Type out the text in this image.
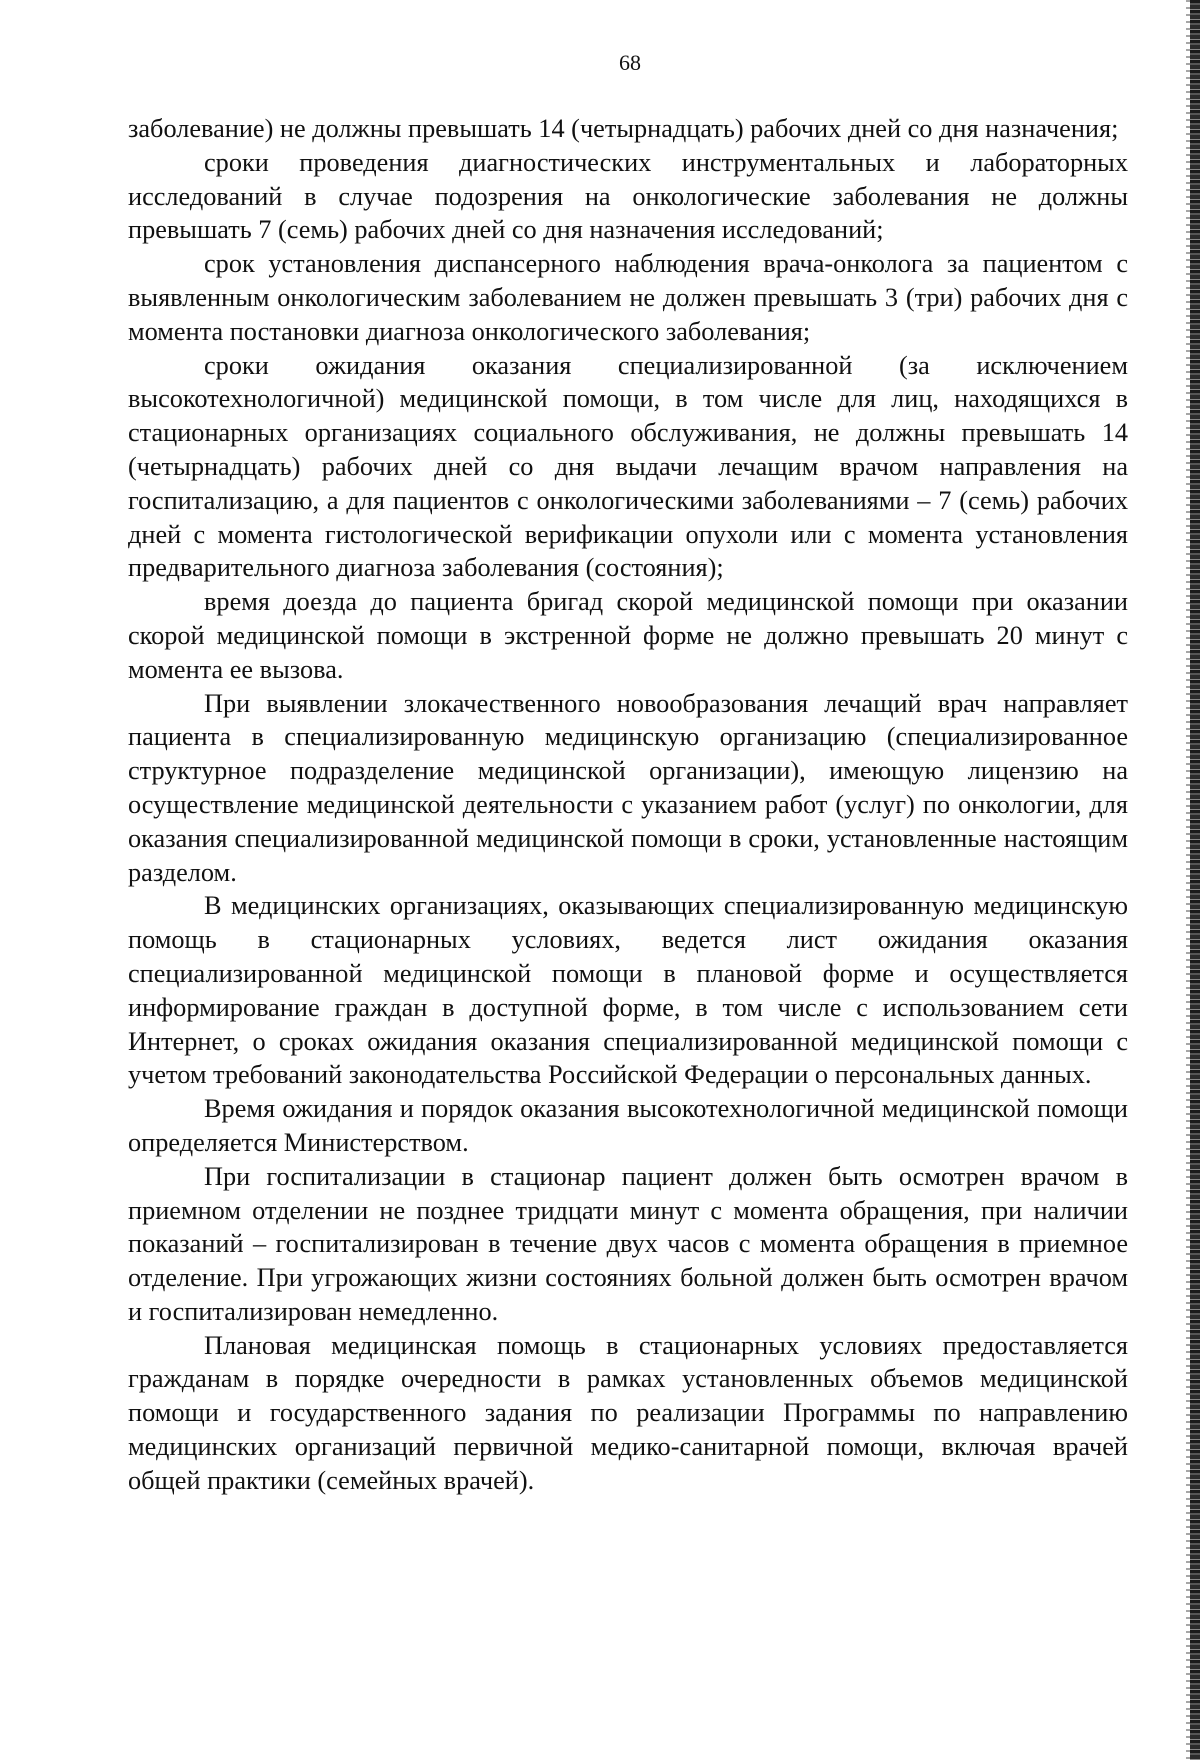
68

заболевание) не должны превышать 14 (четырнадцать) рабочих дней со дня назначения;

сроки проведения диагностических инструментальных и лабораторных исследований в случае подозрения на онкологические заболевания не должны превышать 7 (семь) рабочих дней со дня назначения исследований;

срок установления диспансерного наблюдения врача-онколога за пациентом с выявленным онкологическим заболеванием не должен превышать 3 (три) рабочих дня с момента постановки диагноза онкологического заболевания;

сроки ожидания оказания специализированной (за исключением высокотехнологичной) медицинской помощи, в том числе для лиц, находящихся в стационарных организациях социального обслуживания, не должны превышать 14 (четырнадцать) рабочих дней со дня выдачи лечащим врачом направления на госпитализацию, а для пациентов с онкологическими заболеваниями – 7 (семь) рабочих дней с момента гистологической верификации опухоли или с момента установления предварительного диагноза заболевания (состояния);

время доезда до пациента бригад скорой медицинской помощи при оказании скорой медицинской помощи в экстренной форме не должно превышать 20 минут с момента ее вызова.

При выявлении злокачественного новообразования лечащий врач направляет пациента в специализированную медицинскую организацию (специализированное структурное подразделение медицинской организации), имеющую лицензию на осуществление медицинской деятельности с указанием работ (услуг) по онкологии, для оказания специализированной медицинской помощи в сроки, установленные настоящим разделом.

В медицинских организациях, оказывающих специализированную медицинскую помощь в стационарных условиях, ведется лист ожидания оказания специализированной медицинской помощи в плановой форме и осуществляется информирование граждан в доступной форме, в том числе с использованием сети Интернет, о сроках ожидания оказания специализированной медицинской помощи с учетом требований законодательства Российской Федерации о персональных данных.

Время ожидания и порядок оказания высокотехнологичной медицинской помощи определяется Министерством.

При госпитализации в стационар пациент должен быть осмотрен врачом в приемном отделении не позднее тридцати минут с момента обращения, при наличии показаний – госпитализирован в течение двух часов с момента обращения в приемное отделение. При угрожающих жизни состояниях больной должен быть осмотрен врачом и госпитализирован немедленно.

Плановая медицинская помощь в стационарных условиях предоставляется гражданам в порядке очередности в рамках установленных объемов медицинской помощи и государственного задания по реализации Программы по направлению медицинских организаций первичной медико-санитарной помощи, включая врачей общей практики (семейных врачей).
